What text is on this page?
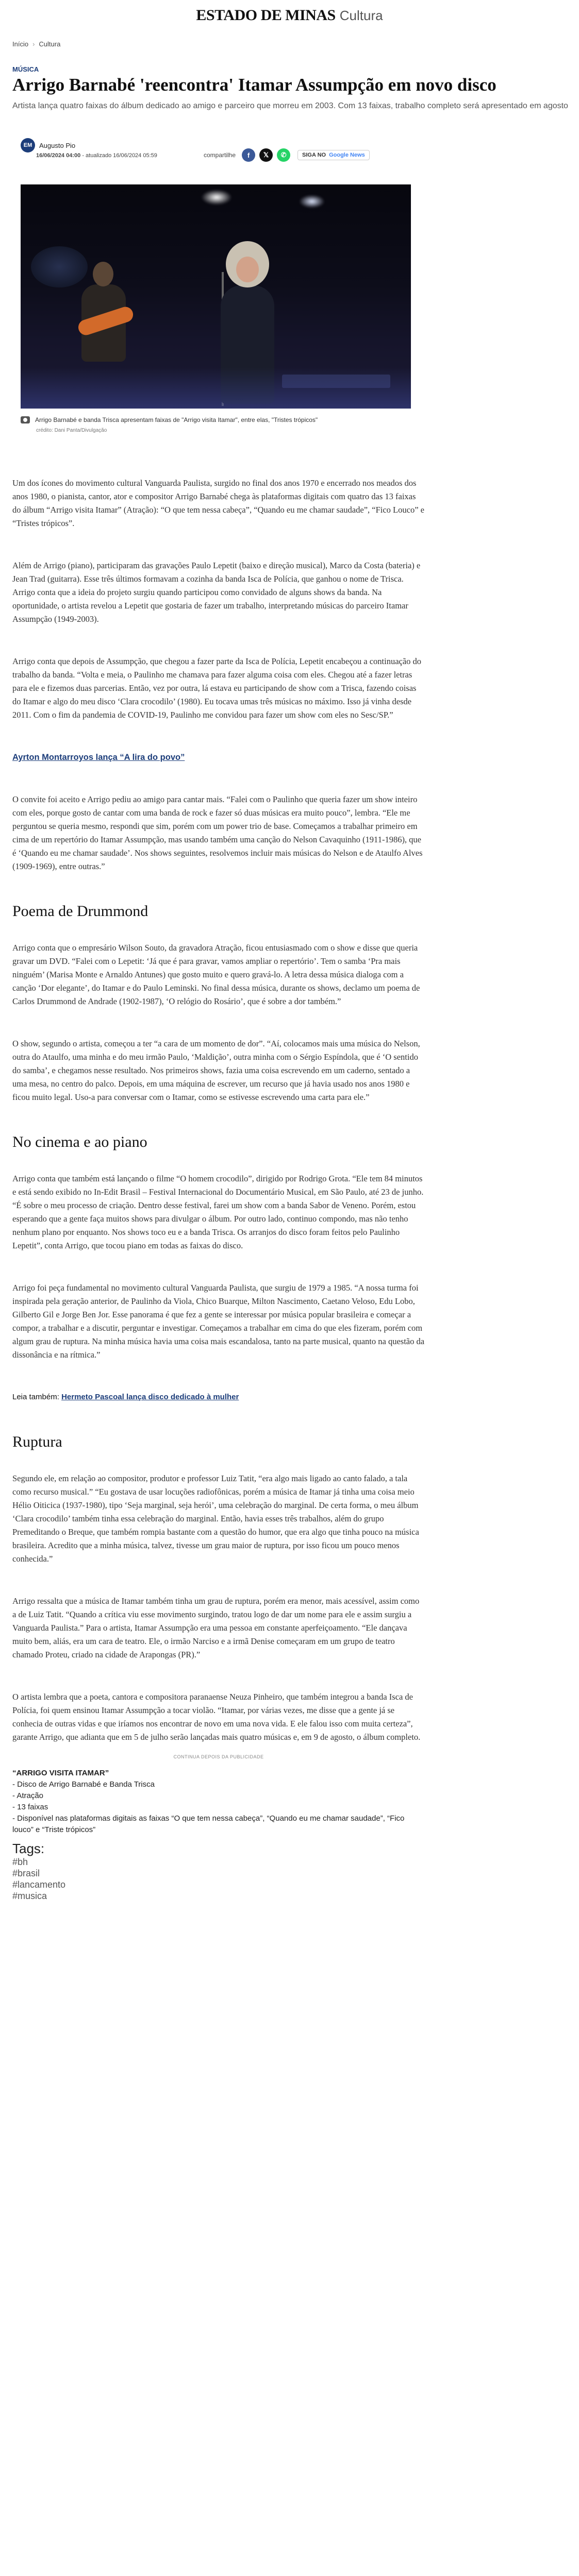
ESTADO DE MINAS Cultura
Início › Cultura
MÚSICA
Arrigo Barnabé 'reencontra' Itamar Assumpção em novo disco
Artista lança quatro faixas do álbum dedicado ao amigo e parceiro que morreu em 2003. Com 13 faixas, trabalho completo será apresentado em agosto
EM	Augusto Pio
16/06/2024 04:00 - atualizado 16/06/2024 05:59	compartilhe	f	𝕏	✆	SIGA NO Google News
Arrigo Barnabé e banda Trisca apresentam faixas de "Arrigo visita Itamar", entre elas, "Tristes trópicos"
crédito: Dani Panta/Divulgação

Um dos ícones do movimento cultural Vanguarda Paulista, surgido no final dos anos 1970 e encerrado nos meados dos anos 1980, o pianista, cantor, ator e compositor Arrigo Barnabé chega às plataformas digitais com quatro das 13 faixas do álbum “Arrigo visita Itamar” (Atração): “O que tem nessa cabeça”, “Quando eu me chamar saudade”, “Fico Louco” e “Tristes trópicos”.

Além de Arrigo (piano), participaram das gravações Paulo Lepetit (baixo e direção musical), Marco da Costa (bateria) e Jean Trad (guitarra). Esse três últimos formavam a cozinha da banda Isca de Polícia, que ganhou o nome de Trisca. Arrigo conta que a ideia do projeto surgiu quando participou como convidado de alguns shows da banda. Na oportunidade, o artista revelou a Lepetit que gostaria de fazer um trabalho, interpretando músicas do parceiro Itamar Assumpção (1949-2003).

Arrigo conta que depois de Assumpção, que chegou a fazer parte da Isca de Polícia, Lepetit encabeçou a continuação do trabalho da banda. “Volta e meia, o Paulinho me chamava para fazer alguma coisa com eles. Chegou até a fazer letras para ele e fizemos duas parcerias. Então, vez por outra, lá estava eu participando de show com a Trisca, fazendo coisas do Itamar e algo do meu disco ‘Clara crocodilo’ (1980). Eu tocava umas três músicas no máximo. Isso já vinha desde 2011. Com o fim da pandemia de COVID-19, Paulinho me convidou para fazer um show com eles no Sesc/SP.”

Ayrton Montarroyos lança “A lira do povo”

O convite foi aceito e Arrigo pediu ao amigo para cantar mais. “Falei com o Paulinho que queria fazer um show inteiro com eles, porque gosto de cantar com uma banda de rock e fazer só duas músicas era muito pouco”, lembra. “Ele me perguntou se queria mesmo, respondi que sim, porém com um power trio de base. Começamos a trabalhar primeiro em cima de um repertório do Itamar Assumpção, mas usando também uma canção do Nelson Cavaquinho (1911-1986), que é ‘Quando eu me chamar saudade’. Nos shows seguintes, resolvemos incluir mais músicas do Nelson e de Ataulfo Alves (1909-1969), entre outras.”

Poema de Drummond

Arrigo conta que o empresário Wilson Souto, da gravadora Atração, ficou entusiasmado com o show e disse que queria gravar um DVD. “Falei com o Lepetit: ‘Já que é para gravar, vamos ampliar o repertório’. Tem o samba ‘Pra mais ninguém’ (Marisa Monte e Arnaldo Antunes) que gosto muito e quero gravá-lo. A letra dessa música dialoga com a canção ‘Dor elegante’, do Itamar e do Paulo Leminski. No final dessa música, durante os shows, declamo um poema de Carlos Drummond de Andrade (1902-1987), ‘O relógio do Rosário’, que é sobre a dor também.”

O show, segundo o artista, começou a ter “a cara de um momento de dor”. “Aí, colocamos mais uma música do Nelson, outra do Ataulfo, uma minha e do meu irmão Paulo, ‘Maldição’, outra minha com o Sérgio Espíndola, que é ‘O sentido do samba’, e chegamos nesse resultado. Nos primeiros shows, fazia uma coisa escrevendo em um caderno, sentado a uma mesa, no centro do palco. Depois, em uma máquina de escrever, um recurso que já havia usado nos anos 1980 e ficou muito legal. Uso-a para conversar com o Itamar, como se estivesse escrevendo uma carta para ele.”

No cinema e ao piano

Arrigo conta que também está lançando o filme “O homem crocodilo”, dirigido por Rodrigo Grota. “Ele tem 84 minutos e está sendo exibido no In-Edit Brasil – Festival Internacional do Documentário Musical, em São Paulo, até 23 de junho. “É sobre o meu processo de criação. Dentro desse festival, farei um show com a banda Sabor de Veneno. Porém, estou esperando que a gente faça muitos shows para divulgar o álbum. Por outro lado, continuo compondo, mas não tenho nenhum plano por enquanto. Nos shows toco eu e a banda Trisca. Os arranjos do disco foram feitos pelo Paulinho Lepetit”, conta Arrigo, que tocou piano em todas as faixas do disco.

Arrigo foi peça fundamental no movimento cultural Vanguarda Paulista, que surgiu de 1979 a 1985. “A nossa turma foi inspirada pela geração anterior, de Paulinho da Viola, Chico Buarque, Milton Nascimento, Caetano Veloso, Edu Lobo, Gilberto Gil e Jorge Ben Jor. Esse panorama é que fez a gente se interessar por música popular brasileira e começar a compor, a trabalhar e a discutir, perguntar e investigar. Começamos a trabalhar em cima do que eles fizeram, porém com algum grau de ruptura. Na minha música havia uma coisa mais escandalosa, tanto na parte musical, quanto na questão da dissonância e na rítmica.”

Leia também: Hermeto Pascoal lança disco dedicado à mulher
Ruptura

Segundo ele, em relação ao compositor, produtor e professor Luiz Tatit, “era algo mais ligado ao canto falado, a tala como recurso musical.” “Eu gostava de usar locuções radiofônicas, porém a música de Itamar já tinha uma coisa meio Hélio Oiticica (1937-1980), tipo ‘Seja marginal, seja herói’, uma celebração do marginal. De certa forma, o meu álbum ‘Clara crocodilo’ também tinha essa celebração do marginal. Então, havia esses três trabalhos, além do grupo Premeditando o Breque, que também rompia bastante com a questão do humor, que era algo que tinha pouco na música brasileira. Acredito que a minha música, talvez, tivesse um grau maior de ruptura, por isso ficou um pouco menos conhecida.”

Arrigo ressalta que a música de Itamar também tinha um grau de ruptura, porém era menor, mais acessível, assim como a de Luiz Tatit. “Quando a crítica viu esse movimento surgindo, tratou logo de dar um nome para ele e assim surgiu a Vanguarda Paulista.” Para o artista, Itamar Assumpção era uma pessoa em constante aperfeiçoamento. “Ele dançava muito bem, aliás, era um cara de teatro. Ele, o irmão Narciso e a irmã Denise começaram em um grupo de teatro chamado Proteu, criado na cidade de Arapongas (PR).”

O artista lembra que a poeta, cantora e compositora paranaense Neuza Pinheiro, que também integrou a banda Isca de Polícia, foi quem ensinou Itamar Assumpção a tocar violão. “Itamar, por várias vezes, me disse que a gente já se conhecia de outras vidas e que iríamos nos encontrar de novo em uma nova vida. E ele falou isso com muita certeza”, garante Arrigo, que adianta que em 5 de julho serão lançadas mais quatro músicas e, em 9 de agosto, o álbum completo.

CONTINUA DEPOIS DA PUBLICIDADE
“ARRIGO VISITA ITAMAR”
- Disco de Arrigo Barnabé e Banda Trisca
- Atração
- 13 faixas
- Disponível nas plataformas digitais as faixas “O que tem nessa cabeça”, “Quando eu me chamar saudade”, “Fico louco” e “Triste trópicos”
Tags:
#bh
#brasil
#lancamento
#musica
